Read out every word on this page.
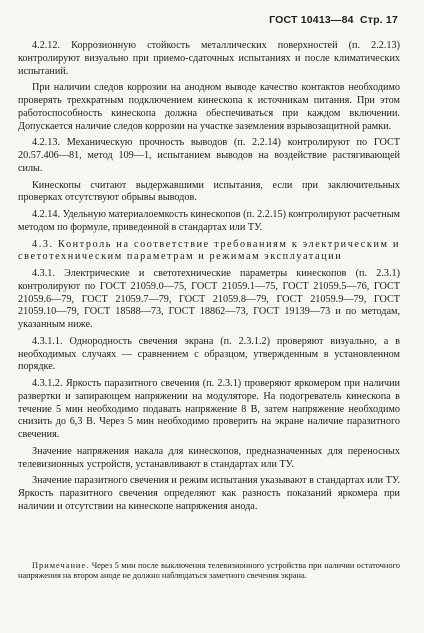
ГОСТ 10413—84 Стр. 17

4.2.12. Коррозионную стойкость металлических поверхностей (п. 2.2.13) контролируют визуально при приемо-сдаточных испытаниях и после климатических испытаний.

При наличии следов коррозии на анодном выводе качество контактов необходимо проверять трехкратным подключением кинескопа к источникам питания. При этом работоспособность кинескопа должна обеспечиваться при каждом включении. Допускается наличие следов коррозии на участке заземления взрывозащитной рамки.

4.2.13. Механическую прочность выводов (п. 2.2.14) контролируют по ГОСТ 20.57.406—81, метод 109—1, испытанием выводов на воздействие растягивающей силы.

Кинескопы считают выдержавшими испытания, если при заключительных проверках отсутствуют обрывы выводов.

4.2.14. Удельную материалоемкость кинескопов (п. 2.2.15) контролируют расчетным методом по формуле, приведенной в стандартах или ТУ.

4.3. Контроль на соответствие требованиям к электрическим и светотехническим параметрам и режимам эксплуатации

4.3.1. Электрические и светотехнические параметры кинескопов (п. 2.3.1) контролируют по ГОСТ 21059.0—75, ГОСТ 21059.1—75, ГОСТ 21059.5—76, ГОСТ 21059.6—79, ГОСТ 21059.7—79, ГОСТ 21059.8—79, ГОСТ 21059.9—79, ГОСТ 21059.10—79, ГОСТ 18588—73, ГОСТ 18862—73, ГОСТ 19139—73 и по методам, указанным ниже.

4.3.1.1. Однородность свечения экрана (п. 2.3.1.2) проверяют визуально, а в необходимых случаях — сравнением с образцом, утвержденным в установленном порядке.

4.3.1.2. Яркость паразитного свечения (п. 2.3.1) проверяют яркомером при наличии развертки и запирающем напряжении на модуляторе. На подогреватель кинескопа в течение 5 мин необходимо подавать напряжение 8 В, затем напряжение необходимо снизить до 6,3 В. Через 5 мин необходимо проверить на экране наличие паразитного свечения.

Значение напряжения накала для кинескопов, предназначенных для переносных телевизионных устройств, устанавливают в стандартах или ТУ.

Значение паразитного свечения и режим испытания указывают в стандартах или ТУ. Яркость паразитного свечения определяют как разность показаний яркомера при наличии и отсутствии на кинескопе напряжения анода.

Примечание. Через 5 мин после выключения телевизионного устройства при наличии остаточного напряжения на втором аноде не должно наблюдаться заметного свечения экрана.
